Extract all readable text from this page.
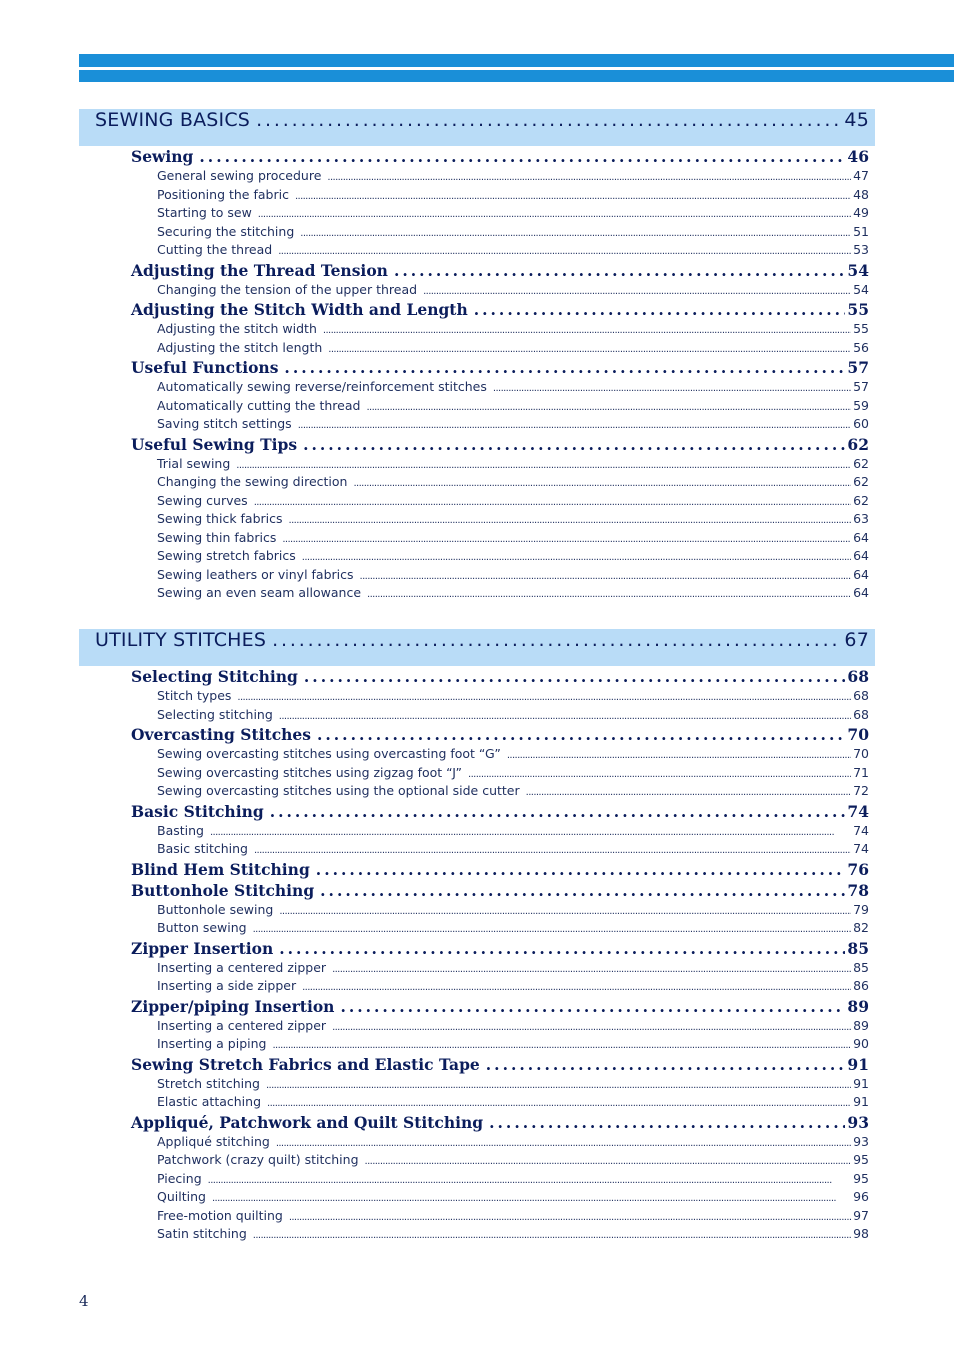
SEWING BASICS . . .	45
Sewing . . .	46
General sewing procedure . . .	47
Positioning the fabric . . .	48
Starting to sew . . .	49
Securing the stitching . . .	51
Cutting the thread . . .	53
Adjusting the Thread Tension . . .	54
Changing the tension of the upper thread . . .	54
Adjusting the Stitch Width and Length . . .	55
Adjusting the stitch width . . .	55
Adjusting the stitch length . . .	56
Useful Functions . . .	57
Automatically sewing reverse/reinforcement stitches . . .	57
Automatically cutting the thread . . .	59
Saving stitch settings . . .	60
Useful Sewing Tips . . .	62
Trial sewing . . .	62
Changing the sewing direction . . .	62
Sewing curves . . .	62
Sewing thick fabrics . . .	63
Sewing thin fabrics . . .	64
Sewing stretch fabrics . . .	64
Sewing leathers or vinyl fabrics . . .	64
Sewing an even seam allowance . . .	64
UTILITY STITCHES . . .	67
Selecting Stitching . . .	68
Stitch types . . .	68
Selecting stitching . . .	68
Overcasting Stitches . . .	70
Sewing overcasting stitches using overcasting foot “G” . . .	70
Sewing overcasting stitches using zigzag foot “J” . . .	71
Sewing overcasting stitches using the optional side cutter . . .	72
Basic Stitching . . .	74
Basting . . .	74
Basic stitching . . .	74
Blind Hem Stitching . . .	76
Buttonhole Stitching . . .	78
Buttonhole sewing . . .	79
Button sewing . . .	82
Zipper Insertion . . .	85
Inserting a centered zipper . . .	85
Inserting a side zipper . . .	86
Zipper/piping Insertion . . .	89
Inserting a centered zipper . . .	89
Inserting a piping . . .	90
Sewing Stretch Fabrics and Elastic Tape . . .	91
Stretch stitching . . .	91
Elastic attaching . . .	91
Appliqué, Patchwork and Quilt Stitching . . .	93
Appliqué stitching . . .	93
Patchwork (crazy quilt) stitching . . .	95
Piecing . . .	95
Quilting . . .	96
Free-motion quilting . . .	97
Satin stitching . . .	98
4
